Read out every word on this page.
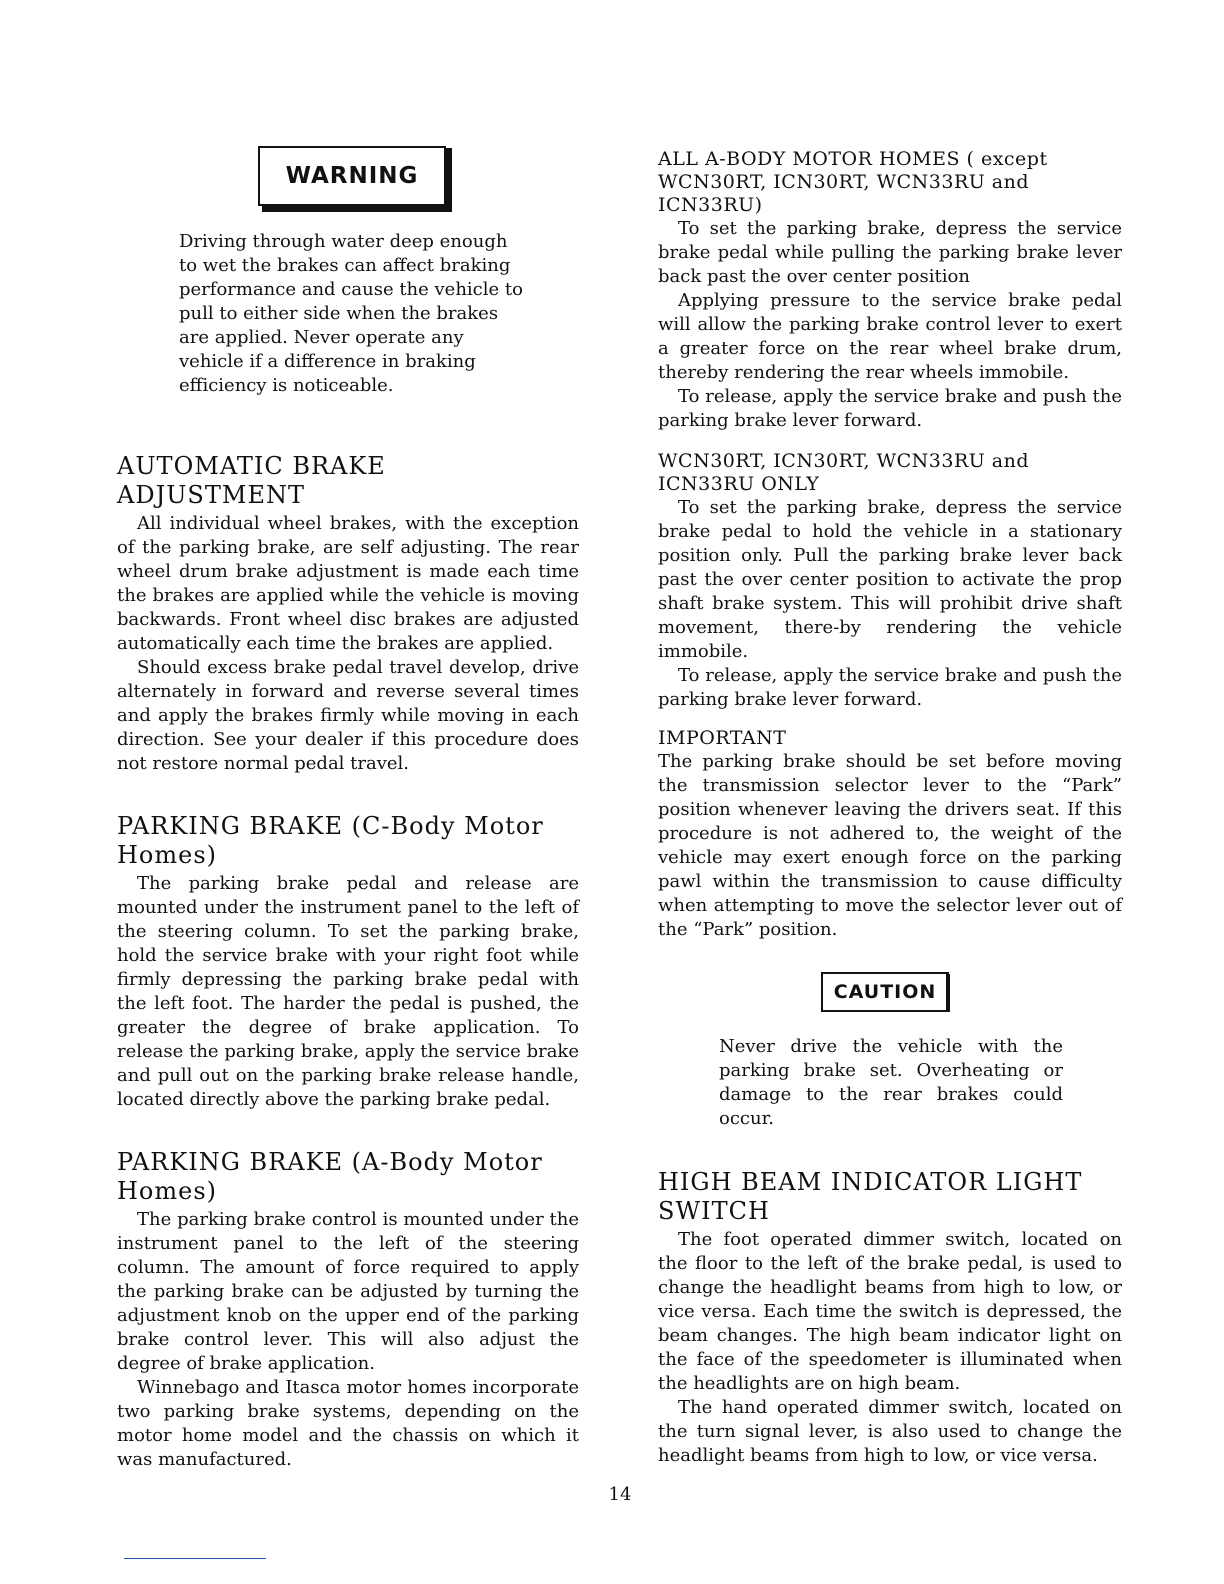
WARNING

Driving through water deep enough to wet the brakes can affect braking performance and cause the vehicle to pull to either side when the brakes are applied. Never operate any vehicle if a difference in braking efficiency is noticeable.

AUTOMATIC BRAKE ADJUSTMENT

All individual wheel brakes, with the exception of the parking brake, are self adjusting. The rear wheel drum brake adjustment is made each time the brakes are applied while the vehicle is moving backwards. Front wheel disc brakes are adjusted automatically each time the brakes are applied.

Should excess brake pedal travel develop, drive alternately in forward and reverse several times and apply the brakes firmly while moving in each direction. See your dealer if this procedure does not restore normal pedal travel.

PARKING BRAKE (C-Body Motor Homes)

The parking brake pedal and release are mounted under the instrument panel to the left of the steering column. To set the parking brake, hold the service brake with your right foot while firmly depressing the parking brake pedal with the left foot. The harder the pedal is pushed, the greater the degree of brake application. To release the parking brake, apply the service brake and pull out on the parking brake release handle, located directly above the parking brake pedal.

PARKING BRAKE (A-Body Motor Homes)

The parking brake control is mounted under the instrument panel to the left of the steering column. The amount of force required to apply the parking brake can be adjusted by turning the adjustment knob on the upper end of the parking brake control lever. This will also adjust the degree of brake application.

Winnebago and Itasca motor homes incorporate two parking brake systems, depending on the motor home model and the chassis on which it was manufactured.

ALL A-BODY MOTOR HOMES ( except WCN30RT, ICN30RT, WCN33RU and ICN33RU)

To set the parking brake, depress the service brake pedal while pulling the parking brake lever back past the over center position

Applying pressure to the service brake pedal will allow the parking brake control lever to exert a greater force on the rear wheel brake drum, thereby rendering the rear wheels immobile.

To release, apply the service brake and push the parking brake lever forward.

WCN30RT, ICN30RT, WCN33RU and ICN33RU ONLY

To set the parking brake, depress the service brake pedal to hold the vehicle in a stationary position only. Pull the parking brake lever back past the over center position to activate the prop shaft brake system. This will prohibit drive shaft movement, there-by rendering the vehicle immobile.

To release, apply the service brake and push the parking brake lever forward.

IMPORTANT

The parking brake should be set before moving the transmission selector lever to the “Park” position whenever leaving the drivers seat. If this procedure is not adhered to, the weight of the vehicle may exert enough force on the parking pawl within the transmission to cause difficulty when attempting to move the selector lever out of the “Park” position.

CAUTION

Never drive the vehicle with the parking brake set. Overheating or damage to the rear brakes could occur.

HIGH BEAM INDICATOR LIGHT SWITCH

The foot operated dimmer switch, located on the floor to the left of the brake pedal, is used to change the headlight beams from high to low, or vice versa. Each time the switch is depressed, the beam changes. The high beam indicator light on the face of the speedometer is illuminated when the headlights are on high beam.

The hand operated dimmer switch, located on the turn signal lever, is also used to change the headlight beams from high to low, or vice versa.

14
